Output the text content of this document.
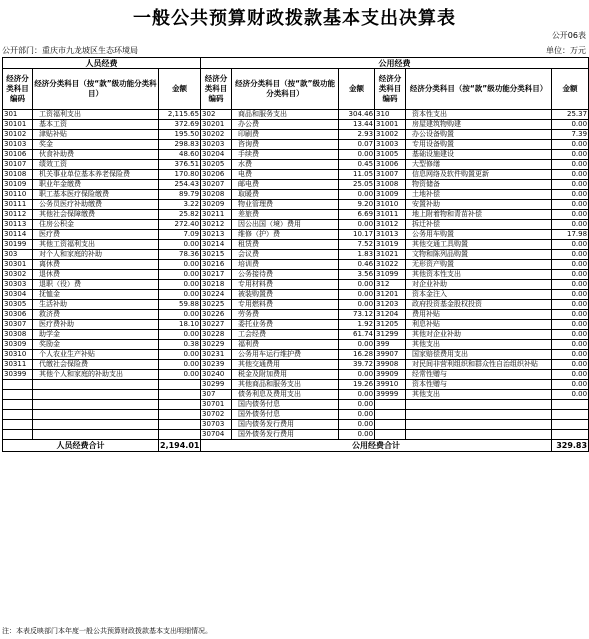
一般公共预算财政拨款基本支出决算表
公开06表
公开部门：重庆市九龙坡区生态环境局	单位：万元
人员经费			公用经费					
经济分类科目编码	经济分类科目（按“款”级功能分类科目）	金额	经济分类科目编码	经济分类科目（按“款”级功能分类科目）	金额	经济分类科目编码	经济分类科目（按“款”级功能分类科目）	金额
301	工资福利支出	2,115.65	302	商品和服务支出	304.46	310	资本性支出	25.37
30101	基本工资	372.69	30201	办公费	13.44	31001	房屋建筑物购建	0.00
30102	津贴补贴	195.50	30202	印刷费	2.93	31002	办公设备购置	7.39
30103	奖金	298.83	30203	咨询费	0.07	31003	专用设备购置	0.00
30106	伙食补助费	48.60	30204	手续费	0.00	31005	基础设施建设	0.00
30107	绩效工资	376.51	30205	水费	0.45	31006	大型修缮	0.00
30108	机关事业单位基本养老保险费	170.80	30206	电费	11.05	31007	信息网络及软件购置更新	0.00
30109	职业年金缴费	254.43	30207	邮电费	25.05	31008	物资储备	0.00
30110	职工基本医疗保险缴费	89.79	30208	取暖费	0.00	31009	土地补偿	0.00
30111	公务员医疗补助缴费	3.22	30209	物业管理费	9.20	31010	安置补助	0.00
30112	其他社会保障缴费	25.82	30211	差旅费	6.69	31011	地上附着物和青苗补偿	0.00
30113	住房公积金	272.40	30212	因公出国（境）费用	0.00	31012	拆迁补偿	0.00
30114	医疗费	7.09	30213	维修（护）费	10.17	31013	公务用车购置	17.98
30199	其他工资福利支出	0.00	30214	租赁费	7.52	31019	其他交通工具购置	0.00
303	对个人和家庭的补助	78.36	30215	会议费	1.83	31021	文物和陈列品购置	0.00
30301	离休费	0.00	30216	培训费	0.46	31022	无形资产购置	0.00
30302	退休费	0.00	30217	公务接待费	3.56	31099	其他资本性支出	0.00
30303	退职（役）费	0.00	30218	专用材料费	0.00	312	对企业补助	0.00
30304	抚恤金	0.00	30224	被装购置费	0.00	31201	资本金注入	0.00
30305	生活补助	59.88	30225	专用燃料费	0.00	31203	政府投资基金股权投资	0.00
30306	救济费	0.00	30226	劳务费	73.12	31204	费用补贴	0.00
30307	医疗费补助	18.10	30227	委托业务费	1.92	31205	利息补贴	0.00
30308	助学金	0.00	30228	工会经费	61.74	31299	其他对企业补助	0.00
30309	奖励金	0.38	30229	福利费	0.00	399	其他支出	0.00
30310	个人农业生产补贴	0.00	30231	公务用车运行维护费	16.28	39907	国家赔偿费用支出	0.00
30311	代缴社会保险费	0.00	30239	其他交通费用	39.72	39908	对民间非营利组织和群众性自治组织补贴	0.00
30399	其他个人和家庭的补助支出	0.00	30240	税金及附加费用	0.00	39909	经常性赠与	0.00
			30299	其他商品和服务支出	19.26	39910	资本性赠与	0.00
			307	债务利息及费用支出	0.00	39999	其他支出	0.00
			30701	国内债务付息	0.00			
			30702	国外债务付息	0.00			
			30703	国内债务发行费用	0.00			
			30704	国外债务发行费用	0.00			
人员经费合计		2,194.01	公用经费合计					329.83
注：本表反映部门本年度一般公共预算财政拨款基本支出明细情况。
